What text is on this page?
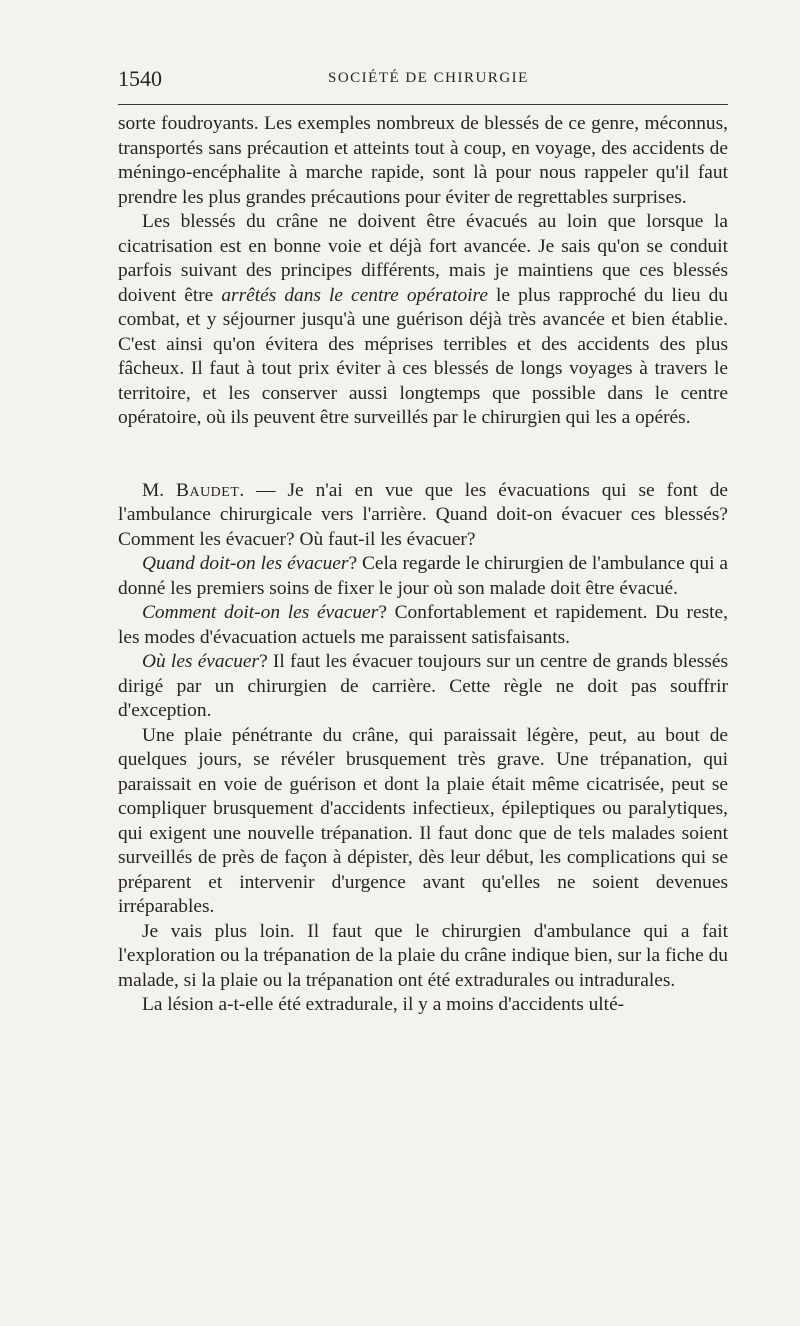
1540	SOCIÉTÉ DE CHIRURGIE

sorte foudroyants. Les exemples nombreux de blessés de ce genre, méconnus, transportés sans précaution et atteints tout à coup, en voyage, des accidents de méningo-encéphalite à marche rapide, sont là pour nous rappeler qu'il faut prendre les plus grandes précautions pour éviter de regrettables surprises.

Les blessés du crâne ne doivent être évacués au loin que lorsque la cicatrisation est en bonne voie et déjà fort avancée. Je sais qu'on se conduit parfois suivant des principes différents, mais je maintiens que ces blessés doivent être arrêtés dans le centre opératoire le plus rapproché du lieu du combat, et y séjourner jusqu'à une guérison déjà très avancée et bien établie. C'est ainsi qu'on évitera des méprises terribles et des accidents des plus fâcheux. Il faut à tout prix éviter à ces blessés de longs voyages à travers le territoire, et les conserver aussi longtemps que possible dans le centre opératoire, où ils peuvent être surveillés par le chirurgien qui les a opérés.

M. Baudet. — Je n'ai en vue que les évacuations qui se font de l'ambulance chirurgicale vers l'arrière. Quand doit-on évacuer ces blessés? Comment les évacuer? Où faut-il les évacuer?

Quand doit-on les évacuer? Cela regarde le chirurgien de l'ambulance qui a donné les premiers soins de fixer le jour où son malade doit être évacué.

Comment doit-on les évacuer? Confortablement et rapidement. Du reste, les modes d'évacuation actuels me paraissent satisfaisants.

Où les évacuer? Il faut les évacuer toujours sur un centre de grands blessés dirigé par un chirurgien de carrière. Cette règle ne doit pas souffrir d'exception.

Une plaie pénétrante du crâne, qui paraissait légère, peut, au bout de quelques jours, se révéler brusquement très grave. Une trépanation, qui paraissait en voie de guérison et dont la plaie était même cicatrisée, peut se compliquer brusquement d'accidents infectieux, épileptiques ou paralytiques, qui exigent une nouvelle trépanation. Il faut donc que de tels malades soient surveillés de près de façon à dépister, dès leur début, les complications qui se préparent et intervenir d'urgence avant qu'elles ne soient devenues irréparables.

Je vais plus loin. Il faut que le chirurgien d'ambulance qui a fait l'exploration ou la trépanation de la plaie du crâne indique bien, sur la fiche du malade, si la plaie ou la trépanation ont été extradurales ou intradurales.

La lésion a-t-elle été extradurale, il y a moins d'accidents ulté-
